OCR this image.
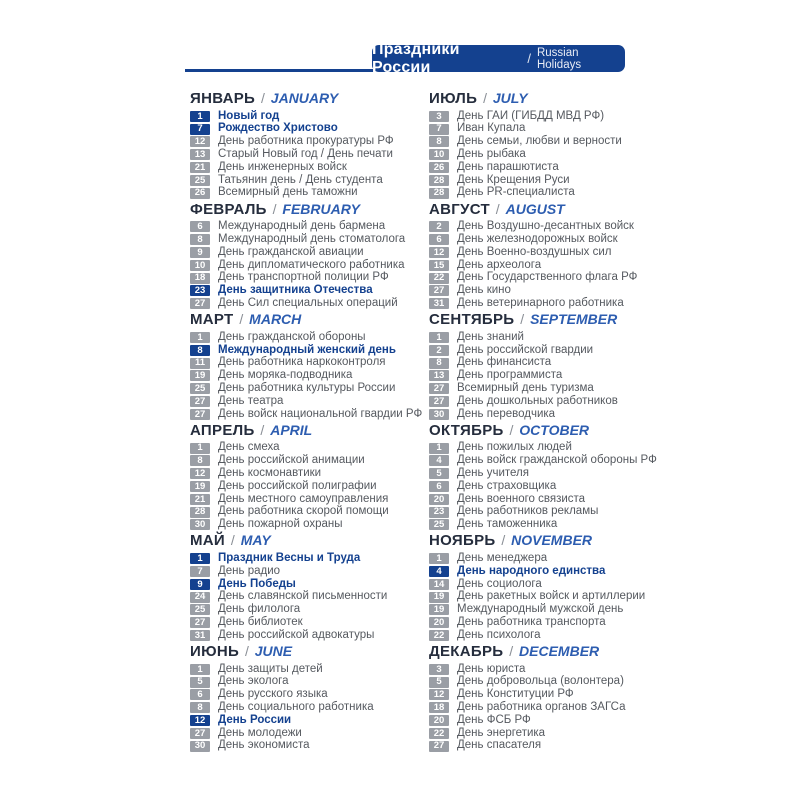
Праздники России	/ Russian Holidays
ЯНВАРЬ / JANUARY
1	Новый год
7	Рождество Христово
12	День работника прокуратуры РФ
13	Старый Новый год / День печати
21	День инженерных войск
25	Татьянин день / День студента
26	Всемирный день таможни
ФЕВРАЛЬ / FEBRUARY
6	Международный день бармена
8	Международный день стоматолога
9	День гражданской авиации
10	День дипломатического работника
18	День транспортной полиции РФ
23	День защитника Отечества
27	День Сил специальных операций
МАРТ / MARCH
1	День гражданской обороны
8	Международный женский день
11	День работника наркоконтроля
19	День моряка-подводника
25	День работника культуры России
27	День театра
27	День войск национальной гвардии РФ
АПРЕЛЬ / APRIL
1	День смеха
8	День российской анимации
12	День космонавтики
19	День российской полиграфии
21	День местного самоуправления
28	День работника скорой помощи
30	День пожарной охраны
МАЙ / MAY
1	Праздник Весны и Труда
7	День радио
9	День Победы
24	День славянской письменности
25	День филолога
27	День библиотек
31	День российской адвокатуры
ИЮНЬ / JUNE
1	День защиты детей
5	День эколога
6	День русского языка
8	День социального работника
12	День России
27	День молодежи
30	День экономиста
ИЮЛЬ / JULY
3	День ГАИ (ГИБДД МВД РФ)
7	Иван Купала
8	День семьи, любви и верности
10	День рыбака
26	День парашютиста
28	День Крещения Руси
28	День PR-специалиста
АВГУСТ / AUGUST
2	День Воздушно-десантных войск
6	День железнодорожных войск
12	День Военно-воздушных сил
15	День археолога
22	День Государственного флага РФ
27	День кино
31	День ветеринарного работника
СЕНТЯБРЬ / SEPTEMBER
1	День знаний
2	День российской гвардии
8	День финансиста
13	День программиста
27	Всемирный день туризма
27	День дошкольных работников
30	День переводчика
ОКТЯБРЬ / OCTOBER
1	День пожилых людей
4	День войск гражданской обороны РФ
5	День учителя
6	День страховщика
20	День военного связиста
23	День работников рекламы
25	День таможенника
НОЯБРЬ / NOVEMBER
1	День менеджера
4	День народного единства
14	День социолога
19	День ракетных войск и артиллерии
19	Международный мужской день
20	День работника транспорта
22	День психолога
ДЕКАБРЬ / DECEMBER
3	День юриста
5	День добровольца (волонтера)
12	День Конституции РФ
18	День работника органов ЗАГСа
20	День ФСБ РФ
22	День энергетика
27	День спасателя
